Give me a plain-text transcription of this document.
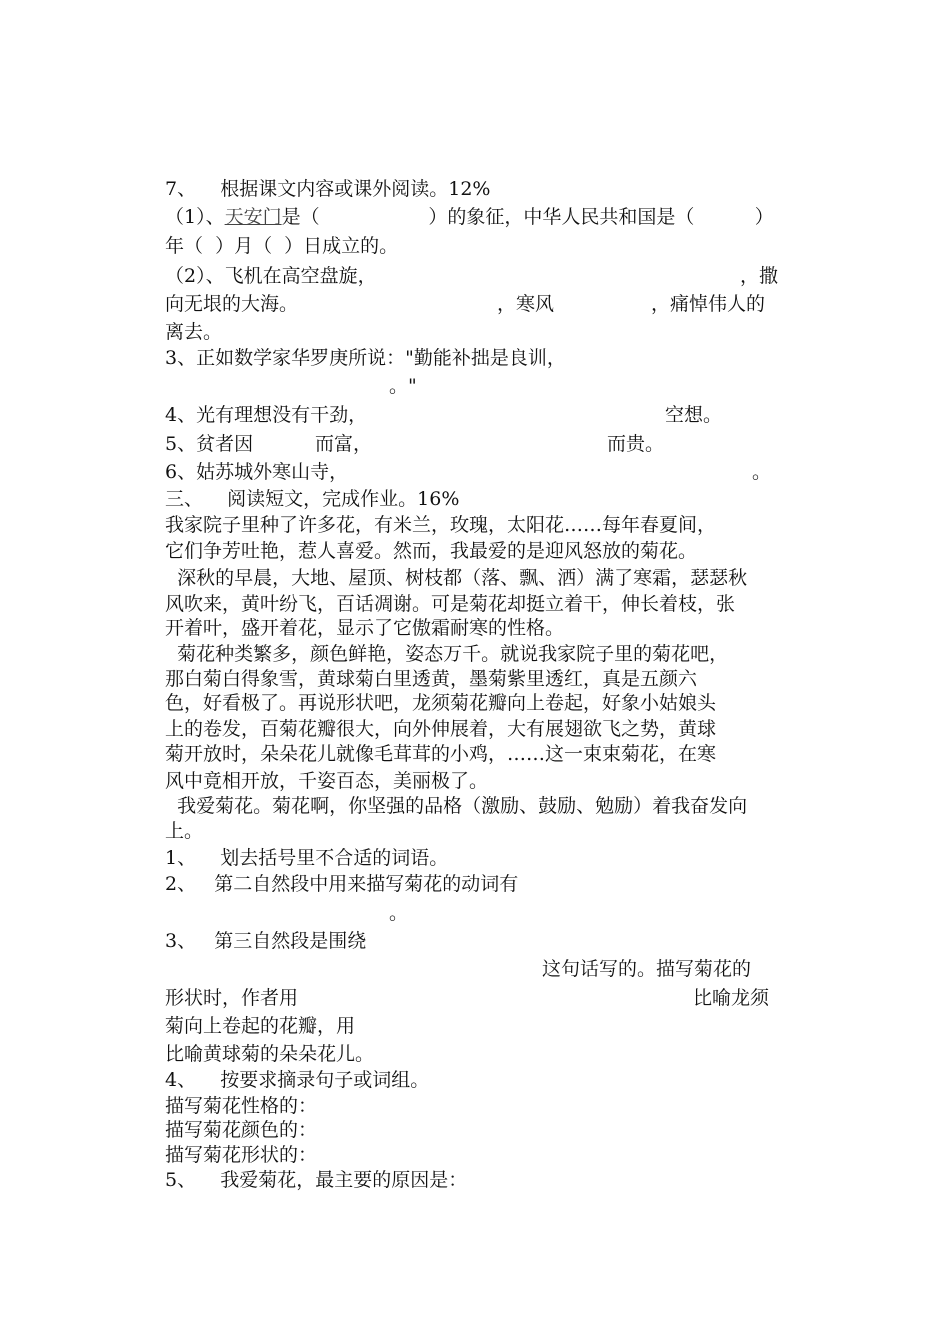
7、    根据课文内容或课外阅读。12%
（1）、天安门是（                  ）的象征，中华人民共和国是（          ）
年（  ）月（  ）日成立的。
（2）、飞机在高空盘旋，	，撒
向无垠的大海。	，寒风	，痛悼伟人的
离去。
3、正如数学家华罗庚所说："勤能补拙是良训，
。"
4、光有理想没有干劲，	空想。
5、贫者因	而富，	而贵。
6、姑苏城外寒山寺，	。
三、    阅读短文，完成作业。16%
我家院子里种了许多花，有米兰，玫瑰，太阳花……每年春夏间，
它们争芳吐艳，惹人喜爱。然而，我最爱的是迎风怒放的菊花。
深秋的早晨，大地、屋顶、树枝都（落、飘、洒）满了寒霜，瑟瑟秋
风吹来，黄叶纷飞，百话凋谢。可是菊花却挺立着干，伸长着枝，张
开着叶，盛开着花，显示了它傲霜耐寒的性格。
菊花种类繁多，颜色鲜艳，姿态万千。就说我家院子里的菊花吧，
那白菊白得象雪，黄球菊白里透黄，墨菊紫里透红，真是五颜六
色，好看极了。再说形状吧，龙须菊花瓣向上卷起，好象小姑娘头
上的卷发，百菊花瓣很大，向外伸展着，大有展翅欲飞之势，黄球
菊开放时，朵朵花儿就像毛茸茸的小鸡，……这一束束菊花，在寒
风中竟相开放，千姿百态，美丽极了。
我爱菊花。菊花啊，你坚强的品格（激励、鼓励、勉励）着我奋发向
上。
1、    划去括号里不合适的词语。
2、   第二自然段中用来描写菊花的动词有
。
3、   第三自然段是围绕
这句话写的。描写菊花的
形状时，作者用	比喻龙须
菊向上卷起的花瓣，用
比喻黄球菊的朵朵花儿。
4、    按要求摘录句子或词组。
描写菊花性格的：
描写菊花颜色的：
描写菊花形状的：
5、    我爱菊花，最主要的原因是：
